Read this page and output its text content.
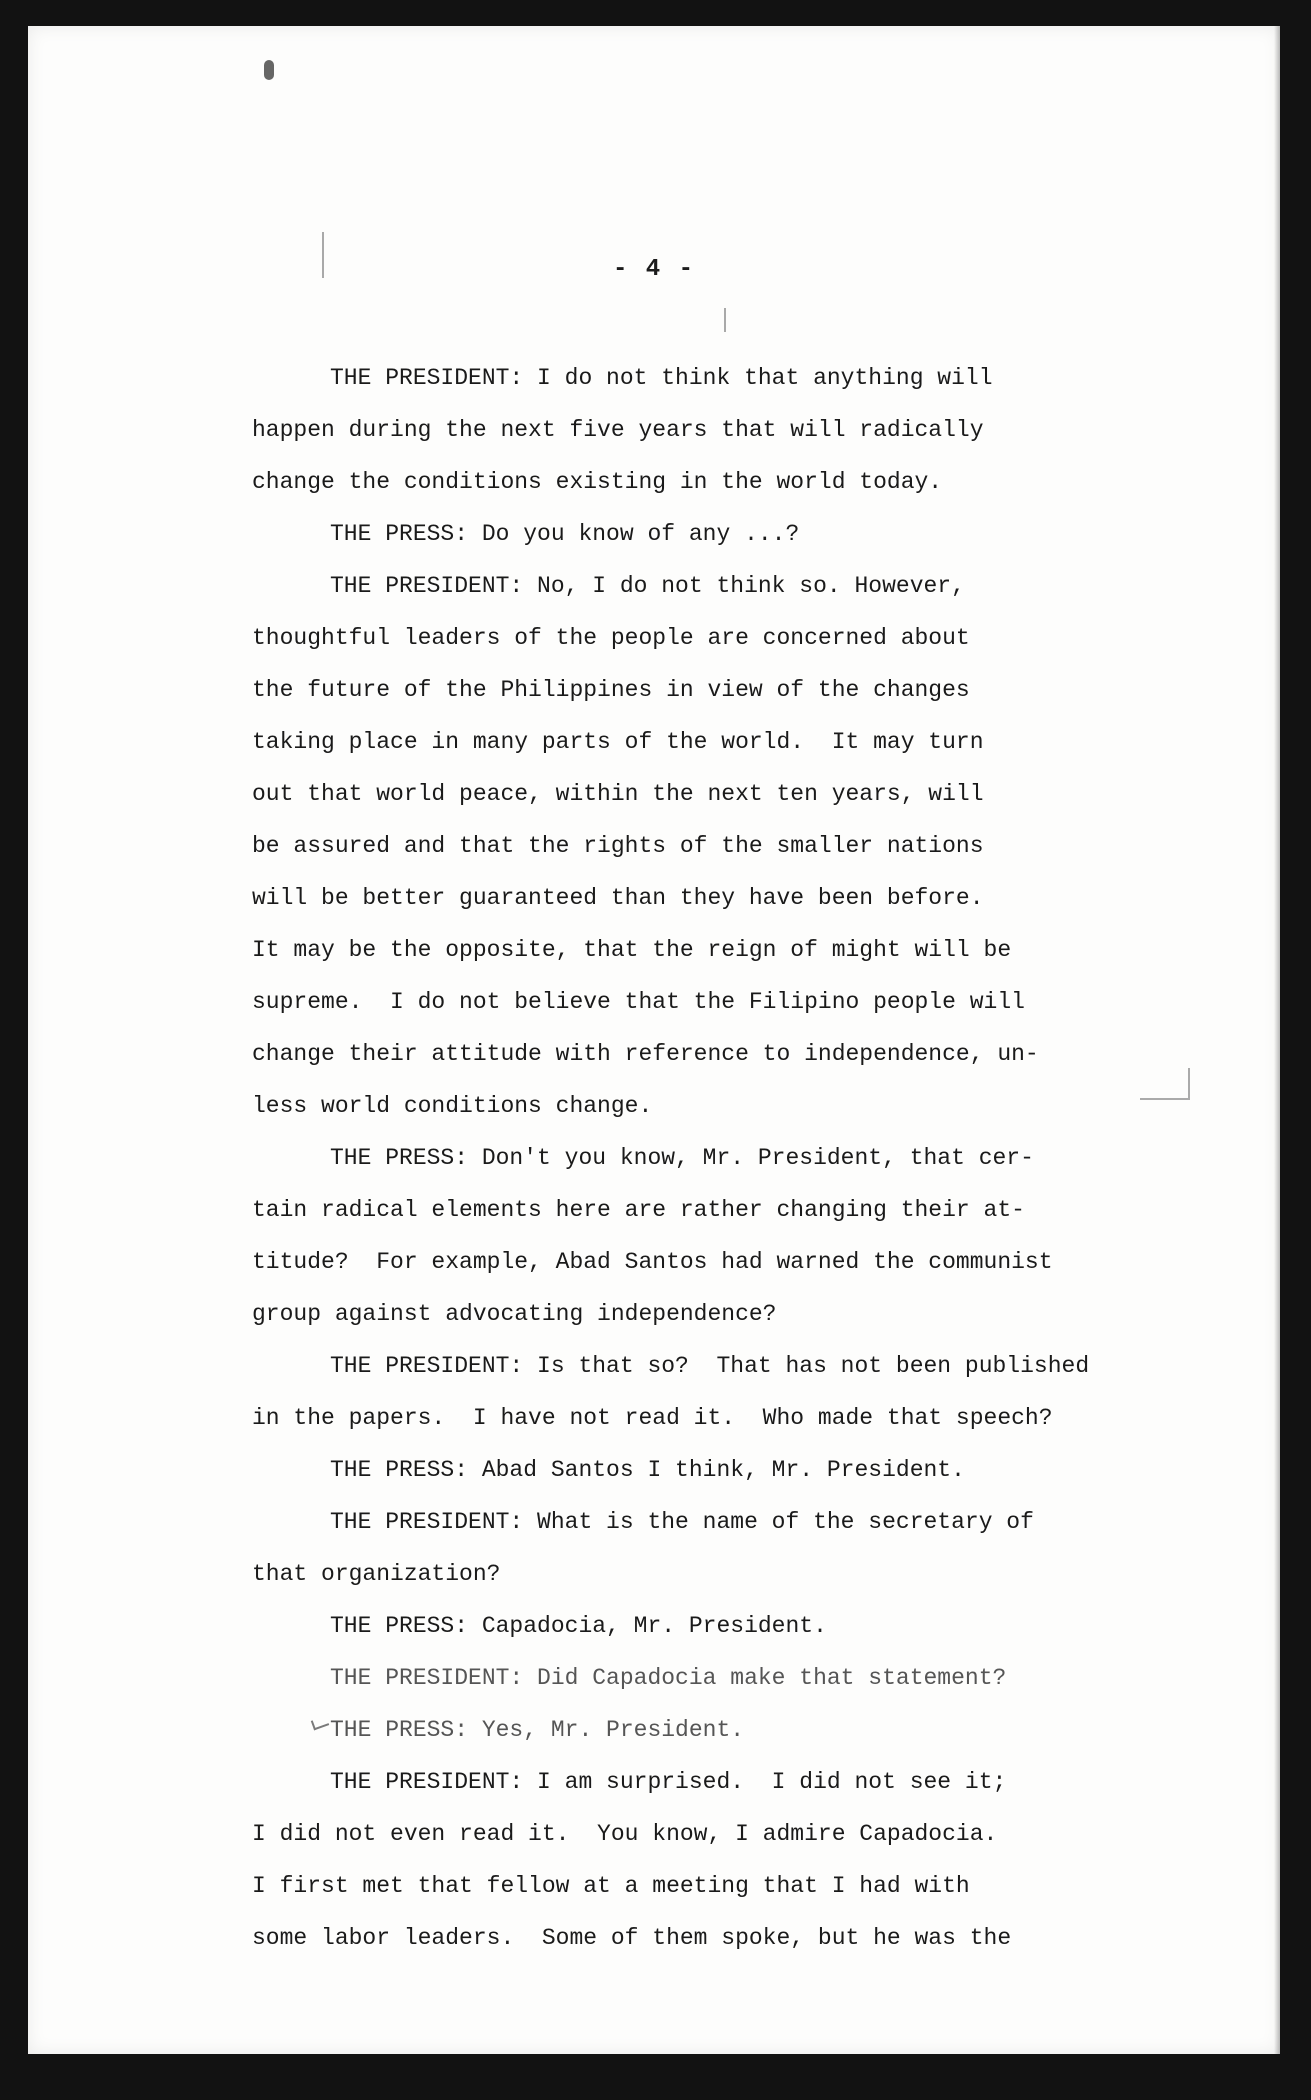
- 4 -
THE PRESIDENT: I do not think that anything will
happen during the next five years that will radically
change the conditions existing in the world today.
THE PRESS: Do you know of any ...?
THE PRESIDENT: No, I do not think so. However,
thoughtful leaders of the people are concerned about
the future of the Philippines in view of the changes
taking place in many parts of the world.  It may turn
out that world peace, within the next ten years, will
be assured and that the rights of the smaller nations
will be better guaranteed than they have been before.
It may be the opposite, that the reign of might will be
supreme.  I do not believe that the Filipino people will
change their attitude with reference to independence, un-
less world conditions change.
THE PRESS: Don't you know, Mr. President, that cer-
tain radical elements here are rather changing their at-
titude?  For example, Abad Santos had warned the communist
group against advocating independence?
THE PRESIDENT: Is that so?  That has not been published
in the papers.  I have not read it.  Who made that speech?
THE PRESS: Abad Santos I think, Mr. President.
THE PRESIDENT: What is the name of the secretary of
that organization?
THE PRESS: Capadocia, Mr. President.
THE PRESIDENT: Did Capadocia make that statement?
THE PRESS: Yes, Mr. President.
THE PRESIDENT: I am surprised.  I did not see it;
I did not even read it.  You know, I admire Capadocia.
I first met that fellow at a meeting that I had with
some labor leaders.  Some of them spoke, but he was the
